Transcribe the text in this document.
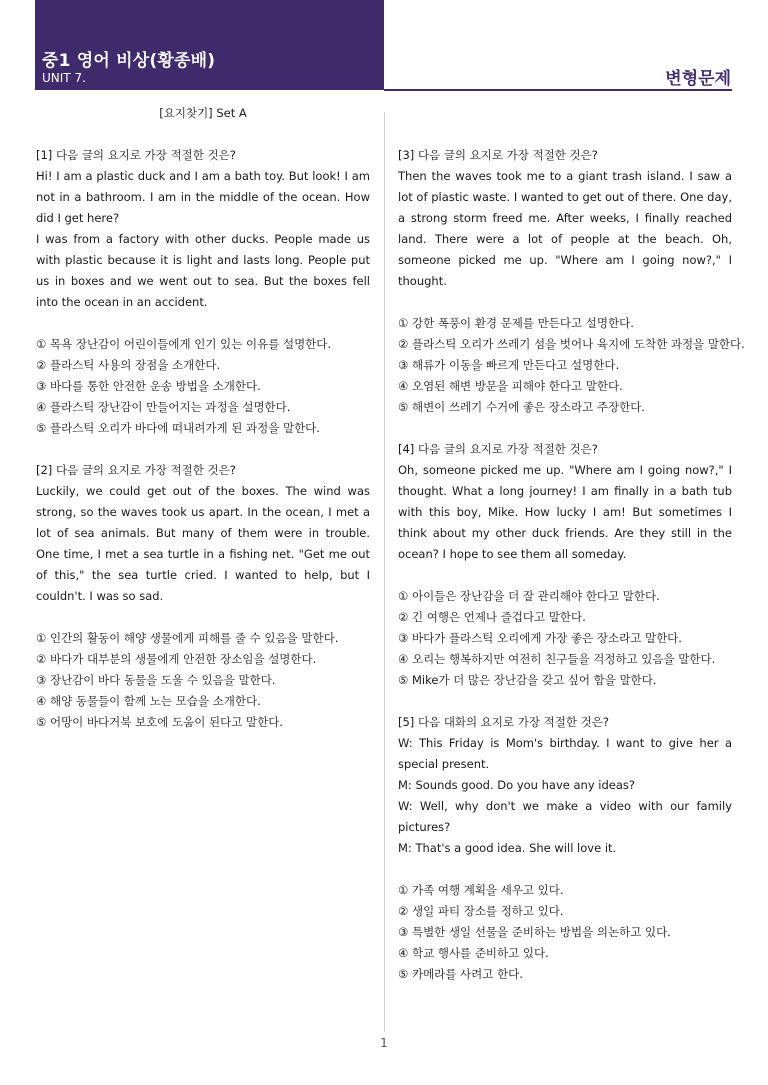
중1 영어 비상(황종배)
UNIT 7.	변형문제
[요지찾기] Set A
[1] 다음 글의 요지로 가장 적절한 것은?
Hi! I am a plastic duck and I am a bath toy. But look! I am not in a bathroom. I am in the middle of the ocean. How did I get here?
I was from a factory with other ducks. People made us with plastic because it is light and lasts long. People put us in boxes and we went out to sea. But the boxes fell into the ocean in an accident.
① 목욕 장난감이 어린이들에게 인기 있는 이유를 설명한다.
② 플라스틱 사용의 장점을 소개한다.
③ 바다를 통한 안전한 운송 방법을 소개한다.
④ 플라스틱 장난감이 만들어지는 과정을 설명한다.
⑤ 플라스틱 오리가 바다에 떠내려가게 된 과정을 말한다.
[2] 다음 글의 요지로 가장 적절한 것은?
Luckily, we could get out of the boxes. The wind was strong, so the waves took us apart. In the ocean, I met a lot of sea animals. But many of them were in trouble. One time, I met a sea turtle in a fishing net. "Get me out of this," the sea turtle cried. I wanted to help, but I couldn't. I was so sad.
① 인간의 활동이 해양 생물에게 피해를 줄 수 있음을 말한다.
② 바다가 대부분의 생물에게 안전한 장소임을 설명한다.
③ 장난감이 바다 동물을 도울 수 있음을 말한다.
④ 해양 동물들이 함께 노는 모습을 소개한다.
⑤ 어망이 바다거북 보호에 도움이 된다고 말한다.
[3] 다음 글의 요지로 가장 적절한 것은?
Then the waves took me to a giant trash island. I saw a lot of plastic waste. I wanted to get out of there. One day, a strong storm freed me. After weeks, I finally reached land. There were a lot of people at the beach. Oh, someone picked me up. "Where am I going now?," I thought.
① 강한 폭풍이 환경 문제를 만든다고 설명한다.
② 플라스틱 오리가 쓰레기 섬을 벗어나 육지에 도착한 과정을 말한다.
③ 해류가 이동을 빠르게 만든다고 설명한다.
④ 오염된 해변 방문을 피해야 한다고 말한다.
⑤ 해변이 쓰레기 수거에 좋은 장소라고 주장한다.
[4] 다음 글의 요지로 가장 적절한 것은?
Oh, someone picked me up. "Where am I going now?," I thought. What a long journey! I am finally in a bath tub with this boy, Mike. How lucky I am! But sometimes I think about my other duck friends. Are they still in the ocean? I hope to see them all someday.
① 아이들은 장난감을 더 잘 관리해야 한다고 말한다.
② 긴 여행은 언제나 즐겁다고 말한다.
③ 바다가 플라스틱 오리에게 가장 좋은 장소라고 말한다.
④ 오리는 행복하지만 여전히 친구들을 걱정하고 있음을 말한다.
⑤ Mike가 더 많은 장난감을 갖고 싶어 함을 말한다.
[5] 다음 대화의 요지로 가장 적절한 것은?
W: This Friday is Mom's birthday. I want to give her a special present.
M: Sounds good. Do you have any ideas?
W: Well, why don't we make a video with our family pictures?
M: That's a good idea. She will love it.
① 가족 여행 계획을 세우고 있다.
② 생일 파티 장소를 정하고 있다.
③ 특별한 생일 선물을 준비하는 방법을 의논하고 있다.
④ 학교 행사를 준비하고 있다.
⑤ 카메라를 사려고 한다.
1
